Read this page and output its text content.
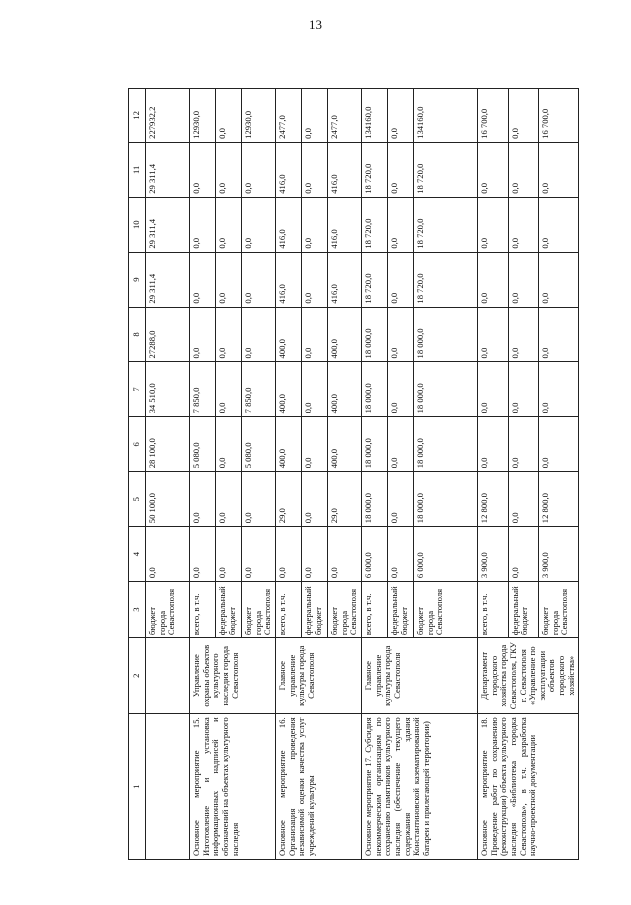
13
1	2	3	4	5	6	7	8	9	10	11	12
		бюджет города Севастополя	0,0	50 100,0	28 100,0	34 510,0	27288,0	29 311,4	29 311,4	29 311,4	227932,2
Основное мероприятие 15. Изготовление и установка информационных надписей и обозначений на объектах культурного наследия	Управление охраны объектов культурного наследия города Севастополя	всего, в т.ч.	0,0	0,0	5 080,0	7 850,0	0,0	0,0	0,0	0,0	12930,0
		федеральный бюджет	0,0	0,0	0,0	0,0	0,0	0,0	0,0	0,0	0,0
		бюджет города Севастополя	0,0	0,0	5 080,0	7 850,0	0,0	0,0	0,0	0,0	12930,0
Основное мероприятие 16. Организация проведения независимой оценки качества услуг учреждений культуры	Главное управление культуры города Севастополя	всего, в т.ч.	0,0	29,0	400,0	400,0	400,0	416,0	416,0	416,0	2477,0
		федеральный бюджет	0,0	0,0	0,0	0,0	0,0	0,0	0,0	0,0	0,0
		бюджет города Севастополя	0,0	29,0	400,0	400,0	400,0	416,0	416,0	416,0	2477,0
Основное мероприятие 17. Субсидия некоммерческим организациям по сохранению памятников культурного наследия (обеспечение текущего содержания здания Константиновской казематированной батареи и прилегающей территории)	Главное управление культуры города Севастополя	всего, в т.ч.	6 000,0	18 000,0	18 000,0	18 000,0	18 000,0	18 720,0	18 720,0	18 720,0	134160,0
		федеральный бюджет	0,0	0,0	0,0	0,0	0,0	0,0	0,0	0,0	0,0
		бюджет города Севастополя	6 000,0	18 000,0	18 000,0	18 000,0	18 000,0	18 720,0	18 720,0	18 720,0	134160,0
Основное мероприятие 18. Проведение работ по сохранению (реконструкции) объекта культурного наследия «Библиотека городка Севастополь», в т.ч. разработка научно-проектной документации	Департамент городского хозяйства города Севастополя, ГКУ г. Севастополя «Управление по эксплуатации объектов городского хозяйства»	всего, в т.ч.	3 900,0	12 800,0	0,0	0,0	0,0	0,0	0,0	0,0	16 700,0
		федеральный бюджет	0,0	0,0	0,0	0,0	0,0	0,0	0,0	0,0	0,0
		бюджет города Севастополя	3 900,0	12 800,0	0,0	0,0	0,0	0,0	0,0	0,0	16 700,0
